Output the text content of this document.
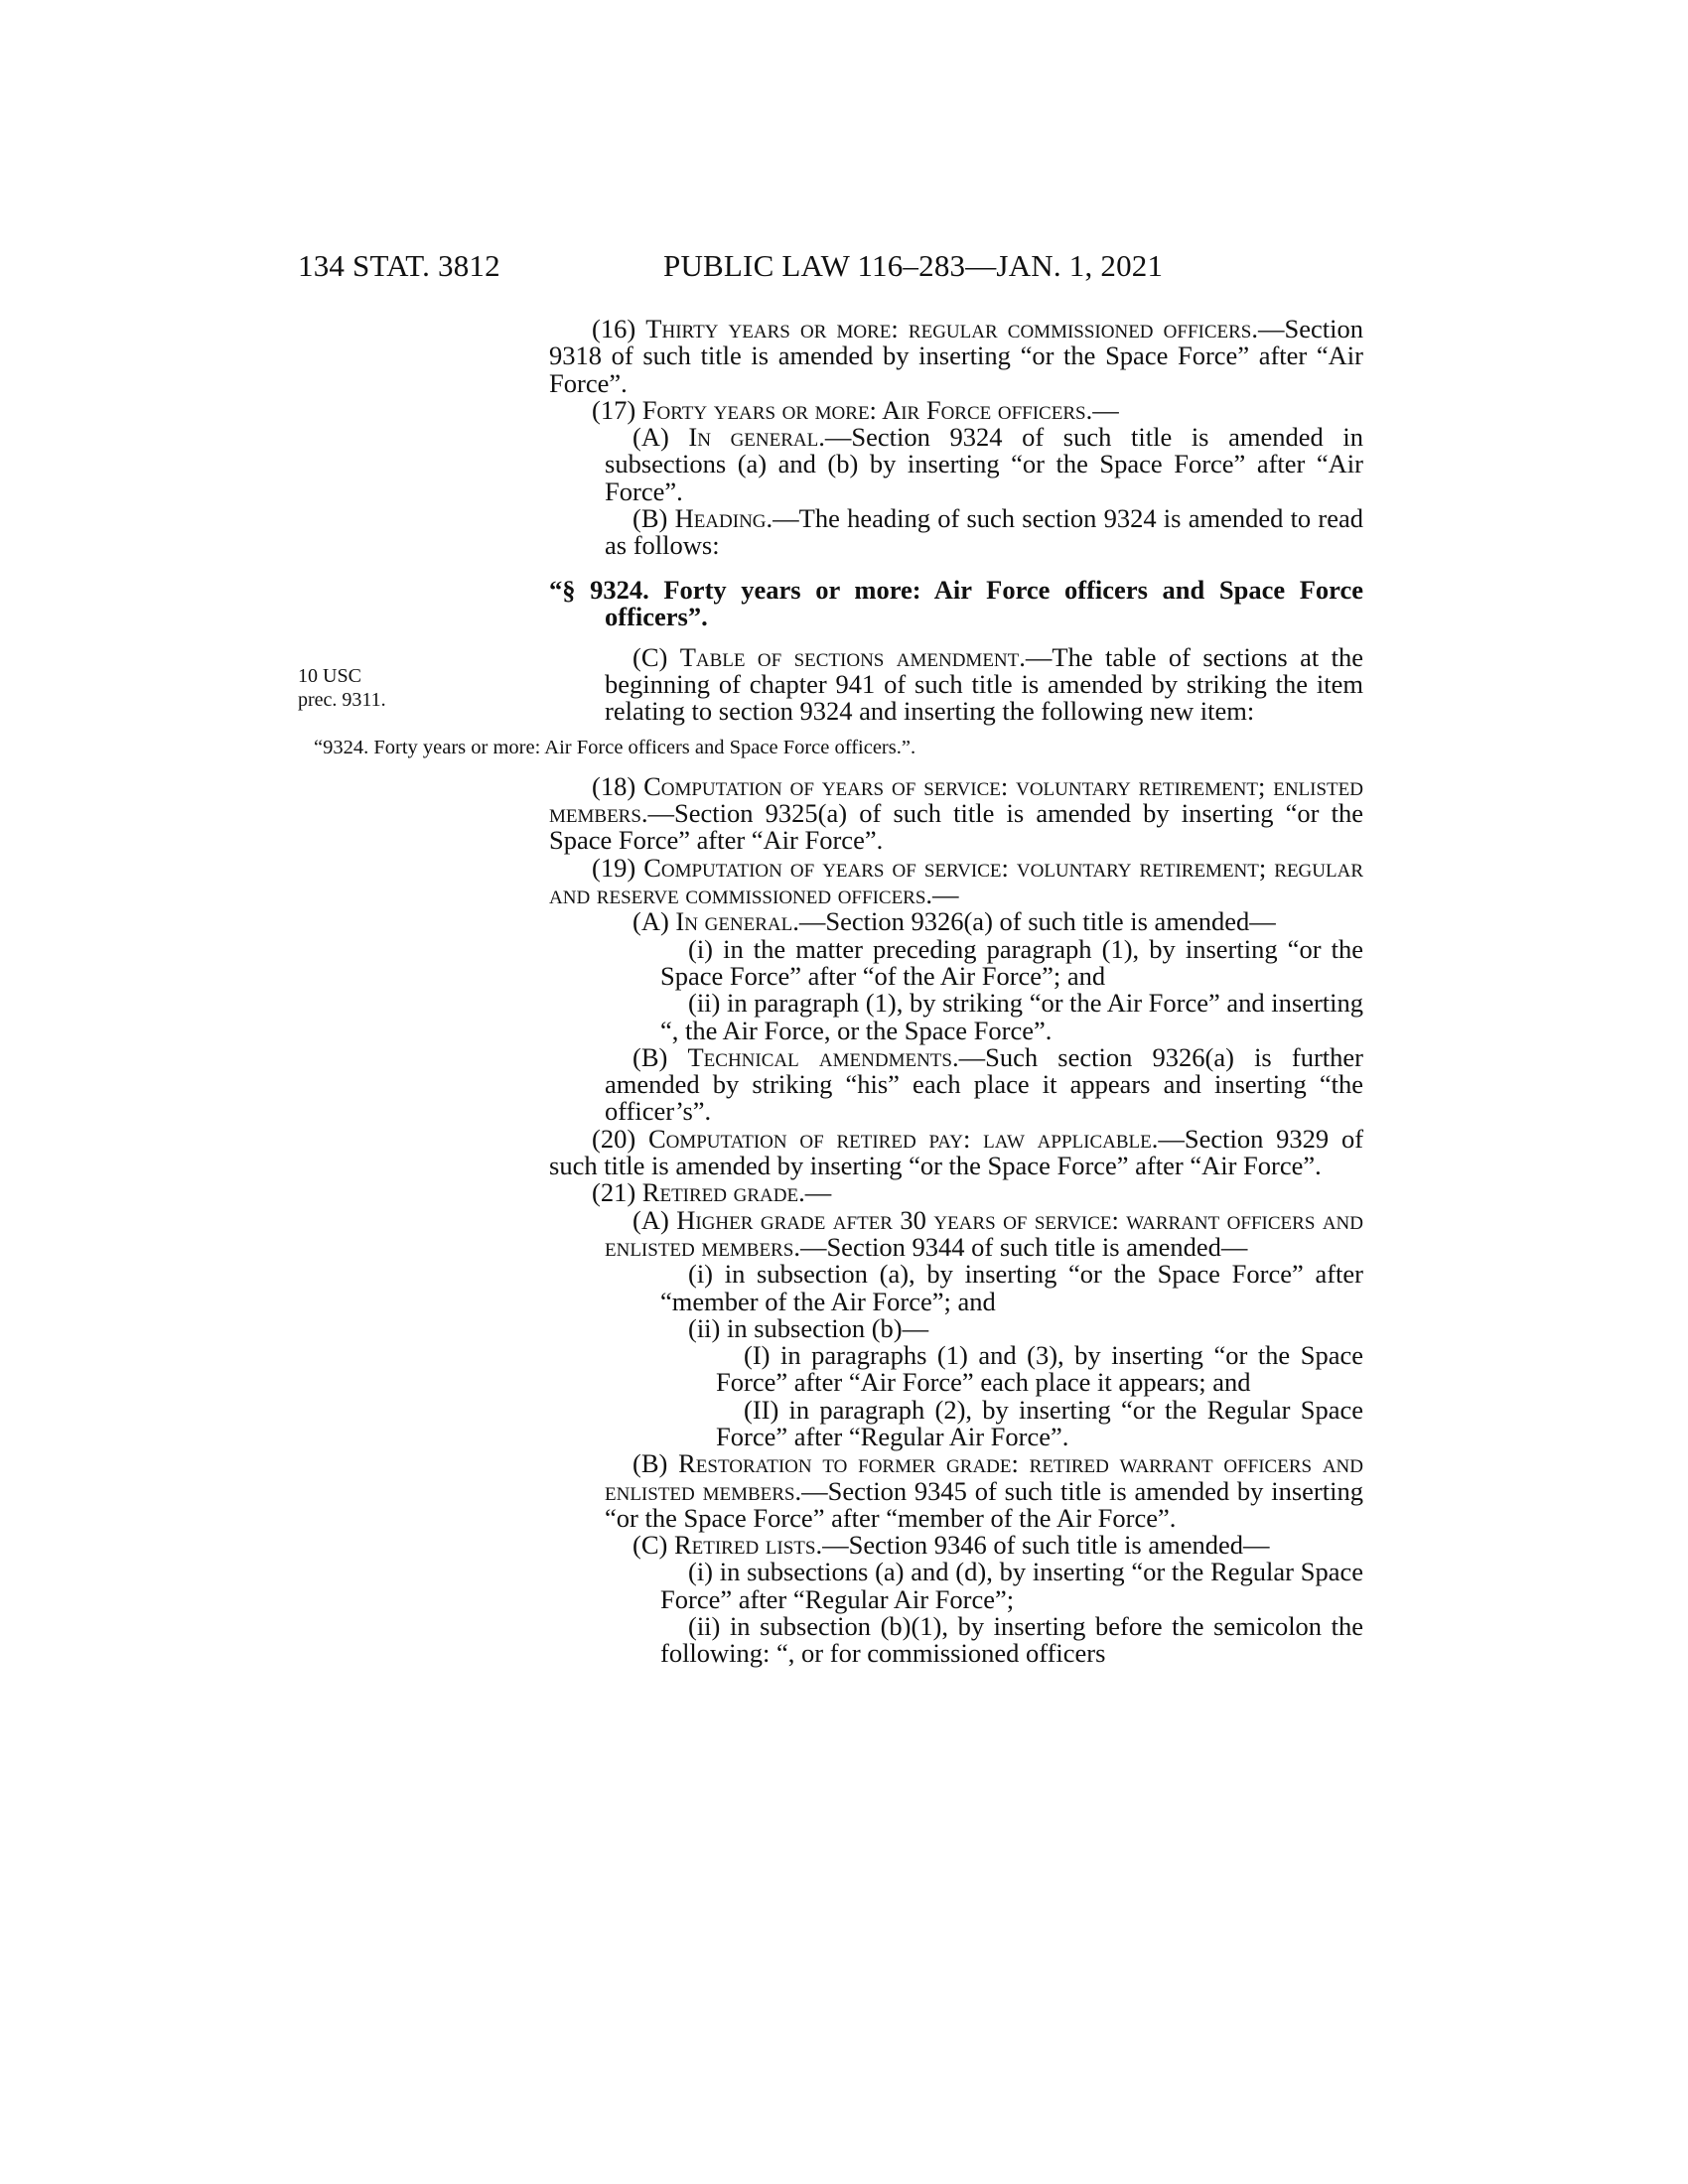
134 STAT. 3812	PUBLIC LAW 116–283—JAN. 1, 2021
10 USC
prec. 9311.

(16) Thirty years or more: regular commissioned officers.—Section 9318 of such title is amended by inserting “or the Space Force” after “Air Force”.

(17) Forty years or more: Air Force officers.—

(A) In general.—Section 9324 of such title is amended in subsections (a) and (b) by inserting “or the Space Force” after “Air Force”.

(B) Heading.—The heading of such section 9324 is amended to read as follows:

“§ 9324. Forty years or more: Air Force officers and Space Force officers”.

(C) Table of sections amendment.—The table of sections at the beginning of chapter 941 of such title is amended by striking the item relating to section 9324 and inserting the following new item:

“9324. Forty years or more: Air Force officers and Space Force officers.”.

(18) Computation of years of service: voluntary retirement; enlisted members.—Section 9325(a) of such title is amended by inserting “or the Space Force” after “Air Force”.

(19) Computation of years of service: voluntary retirement; regular and reserve commissioned officers.—

(A) In general.—Section 9326(a) of such title is amended—

(i) in the matter preceding paragraph (1), by inserting “or the Space Force” after “of the Air Force”; and

(ii) in paragraph (1), by striking “or the Air Force” and inserting “, the Air Force, or the Space Force”.

(B) Technical amendments.—Such section 9326(a) is further amended by striking “his” each place it appears and inserting “the officer’s”.

(20) Computation of retired pay: law applicable.—Section 9329 of such title is amended by inserting “or the Space Force” after “Air Force”.

(21) Retired grade.—

(A) Higher grade after 30 years of service: warrant officers and enlisted members.—Section 9344 of such title is amended—

(i) in subsection (a), by inserting “or the Space Force” after “member of the Air Force”; and

(ii) in subsection (b)—

(I) in paragraphs (1) and (3), by inserting “or the Space Force” after “Air Force” each place it appears; and

(II) in paragraph (2), by inserting “or the Regular Space Force” after “Regular Air Force”.

(B) Restoration to former grade: retired warrant officers and enlisted members.—Section 9345 of such title is amended by inserting “or the Space Force” after “member of the Air Force”.

(C) Retired lists.—Section 9346 of such title is amended—

(i) in subsections (a) and (d), by inserting “or the Regular Space Force” after “Regular Air Force”;

(ii) in subsection (b)(1), by inserting before the semicolon the following: “, or for commissioned officers
